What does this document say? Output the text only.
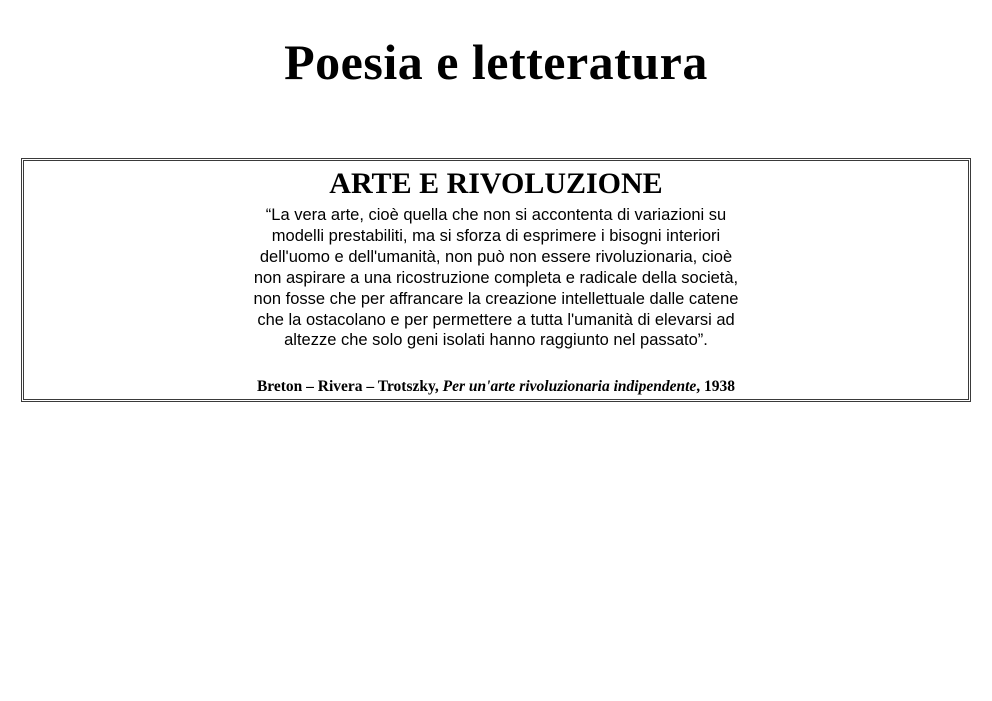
Poesia e letteratura
ARTE E RIVOLUZIONE
“La vera arte, cioè quella che non si accontenta di variazioni su
modelli prestabiliti, ma si sforza di esprimere i bisogni interiori
dell'uomo e dell'umanità, non può non essere rivoluzionaria, cioè
non aspirare a una ricostruzione completa e radicale della società,
non fosse che per affrancare la creazione intellettuale dalle catene
che la ostacolano e per permettere a tutta l'umanità di elevarsi ad
altezze che solo geni isolati hanno raggiunto nel passato”.
Breton – Rivera – Trotszky, Per un'arte rivoluzionaria indipendente, 1938
